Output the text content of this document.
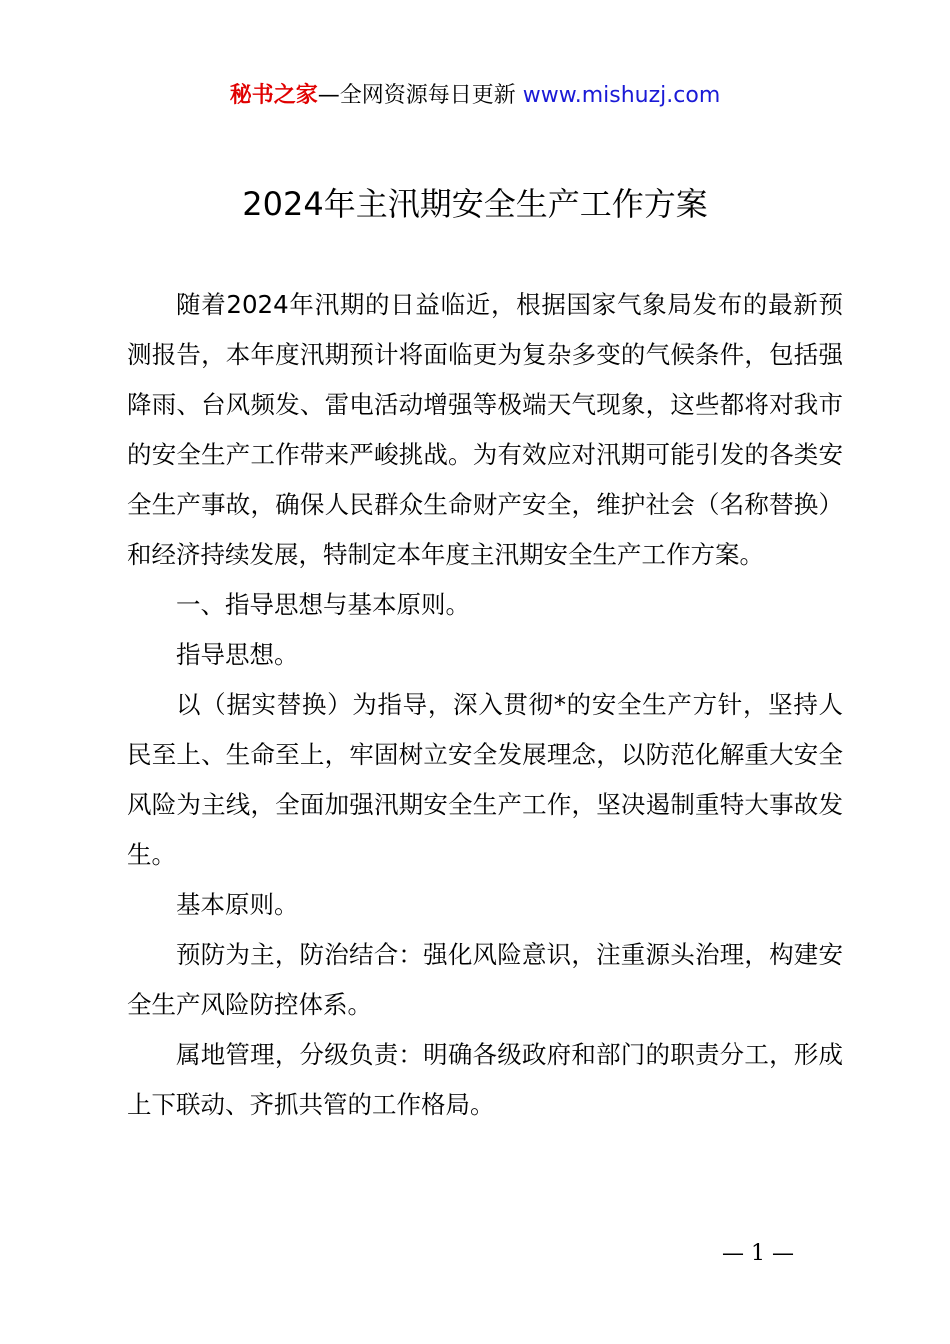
秘书之家—全网资源每日更新 www.mishuzj.com
2024年主汛期安全生产工作方案

随着2024年汛期的日益临近，根据国家气象局发布的最新预测报告，本年度汛期预计将面临更为复杂多变的气候条件，包括强降雨、台风频发、雷电活动增强等极端天气现象，这些都将对我市的安全生产工作带来严峻挑战。为有效应对汛期可能引发的各类安全生产事故，确保人民群众生命财产安全，维护社会（名称替换）和经济持续发展，特制定本年度主汛期安全生产工作方案。

一、指导思想与基本原则。

指导思想。

以（据实替换）为指导，深入贯彻*的安全生产方针，坚持人民至上、生命至上，牢固树立安全发展理念，以防范化解重大安全风险为主线，全面加强汛期安全生产工作，坚决遏制重特大事故发生。

基本原则。

预防为主，防治结合：强化风险意识，注重源头治理，构建安全生产风险防控体系。

属地管理，分级负责：明确各级政府和部门的职责分工，形成上下联动、齐抓共管的工作格局。

— 1 —
